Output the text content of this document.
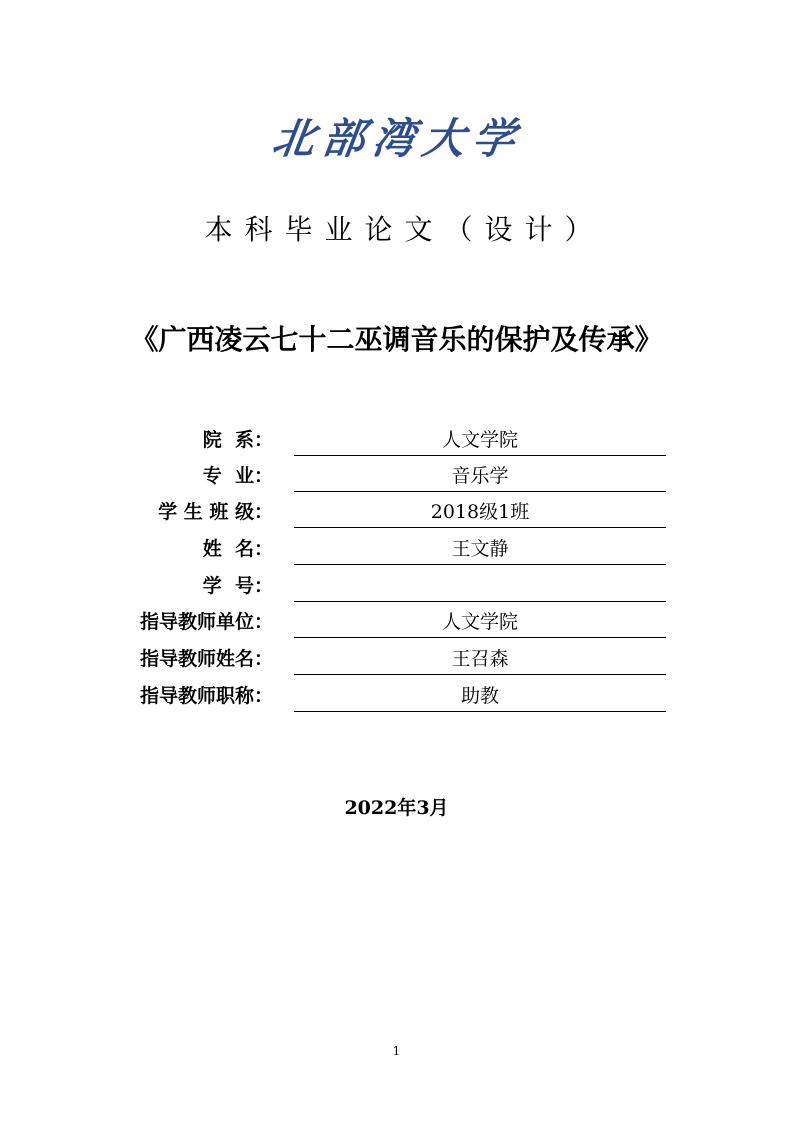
北部湾大学
本科毕业论文（设计）
《广西凌云七十二巫调音乐的保护及传承》
院  系：	人文学院
专  业：	音乐学
学 生 班 级：	2018级1班
姓  名：	王文静
学  号：
指导教师单位：	人文学院
指导教师姓名：	王召森
指导教师职称：	助教
2022年3月
1
